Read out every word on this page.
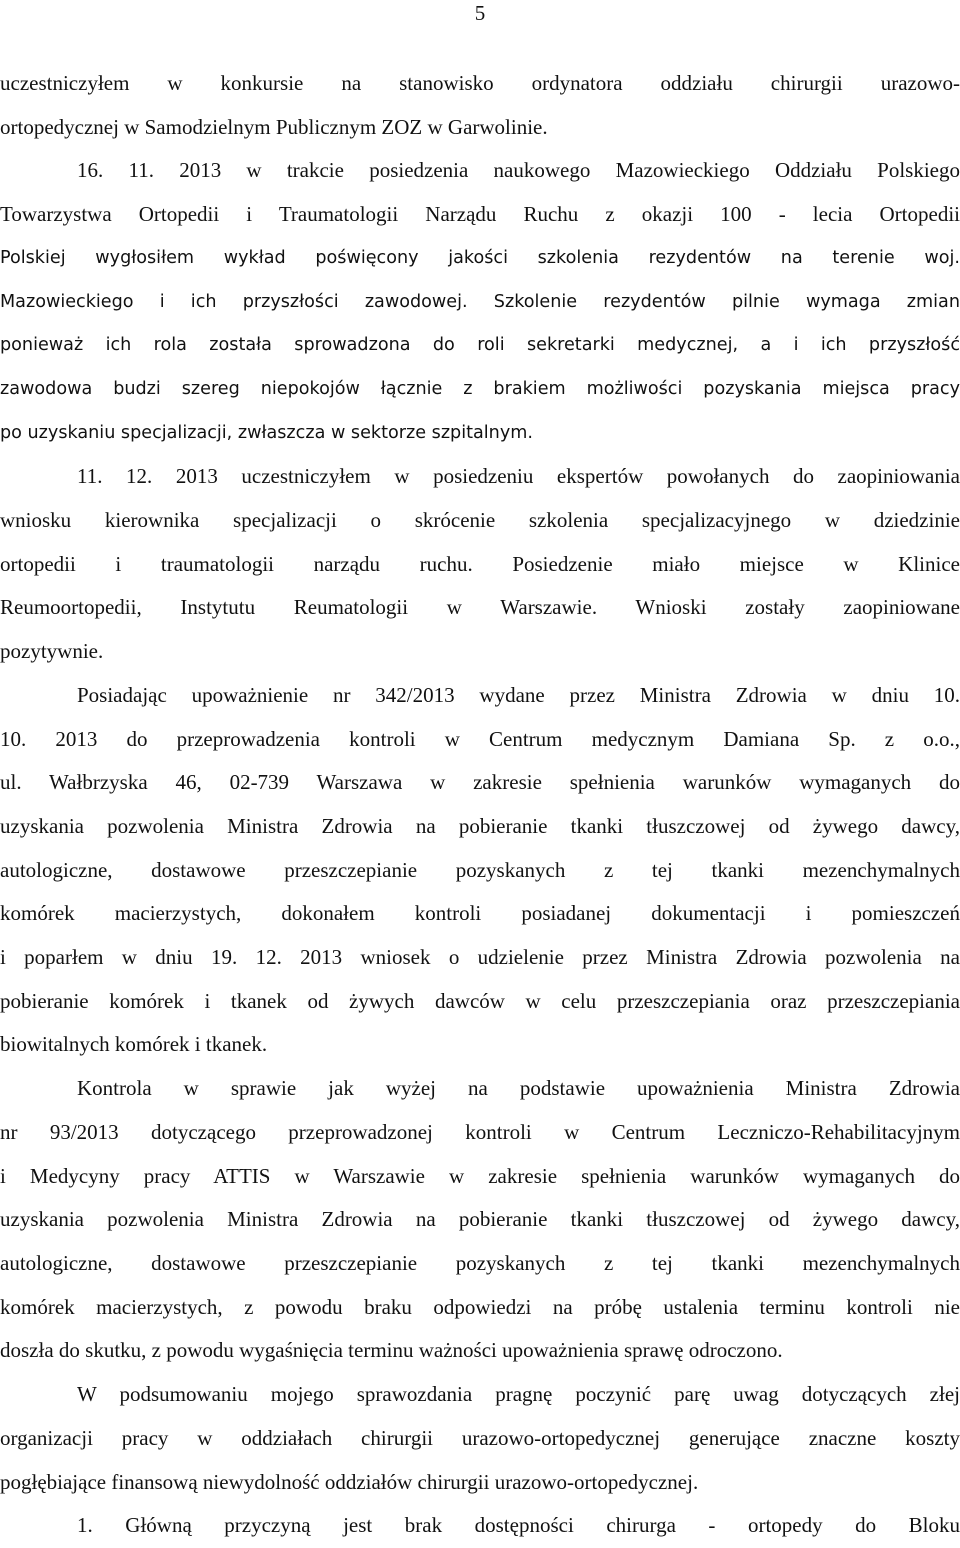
5
uczestniczyłem w konkursie na stanowisko ordynatora oddziału chirurgii urazowo-
ortopedycznej w Samodzielnym Publicznym ZOZ w Garwolinie.
16. 11. 2013 w trakcie posiedzenia naukowego Mazowieckiego Oddziału Polskiego
Towarzystwa Ortopedii i Traumatologii Narządu Ruchu z okazji 100 - lecia Ortopedii
Polskiej wygłosiłem wykład poświęcony jakości szkolenia rezydentów na terenie woj.
Mazowieckiego i ich przyszłości zawodowej. Szkolenie rezydentów pilnie wymaga zmian
ponieważ ich rola została sprowadzona do roli sekretarki medycznej, a i ich przyszłość
zawodowa budzi szereg niepokojów łącznie z brakiem możliwości pozyskania miejsca pracy
po uzyskaniu specjalizacji, zwłaszcza w sektorze szpitalnym.
11. 12. 2013 uczestniczyłem w posiedzeniu ekspertów powołanych do zaopiniowania
wniosku kierownika specjalizacji o skrócenie szkolenia specjalizacyjnego w dziedzinie
ortopedii i traumatologii narządu ruchu. Posiedzenie miało miejsce w Klinice
Reumoortopedii, Instytutu Reumatologii w Warszawie. Wnioski zostały zaopiniowane
pozytywnie.
Posiadając upoważnienie nr 342/2013 wydane przez Ministra Zdrowia w dniu 10.
10. 2013 do przeprowadzenia kontroli w Centrum medycznym Damiana Sp. z o.o.,
ul. Wałbrzyska 46, 02-739 Warszawa w zakresie spełnienia warunków wymaganych do
uzyskania pozwolenia Ministra Zdrowia na pobieranie tkanki tłuszczowej od żywego dawcy,
autologiczne, dostawowe przeszczepianie pozyskanych z tej tkanki mezenchymalnych
komórek macierzystych, dokonałem kontroli posiadanej dokumentacji i pomieszczeń
i poparłem w dniu 19. 12. 2013 wniosek o udzielenie przez Ministra Zdrowia pozwolenia na
pobieranie komórek i tkanek od żywych dawców w celu przeszczepiania oraz przeszczepiania
biowitalnych komórek i tkanek.
Kontrola w sprawie jak wyżej na podstawie upoważnienia Ministra Zdrowia
nr 93/2013 dotyczącego przeprowadzonej kontroli w Centrum Leczniczo-Rehabilitacyjnym
i Medycyny pracy ATTIS w Warszawie w zakresie spełnienia warunków wymaganych do
uzyskania pozwolenia Ministra Zdrowia na pobieranie tkanki tłuszczowej od żywego dawcy,
autologiczne, dostawowe przeszczepianie pozyskanych z tej tkanki mezenchymalnych
komórek macierzystych, z powodu braku odpowiedzi na próbę ustalenia terminu kontroli nie
doszła do skutku, z powodu wygaśnięcia terminu ważności upoważnienia sprawę odroczono.
W podsumowaniu mojego sprawozdania pragnę poczynić parę uwag dotyczących złej
organizacji pracy w oddziałach chirurgii urazowo-ortopedycznej generujące znaczne koszty
pogłębiające finansową niewydolność oddziałów chirurgii urazowo-ortopedycznej.
1. Główną przyczyną jest brak dostępności chirurga - ortopedy do Bloku
